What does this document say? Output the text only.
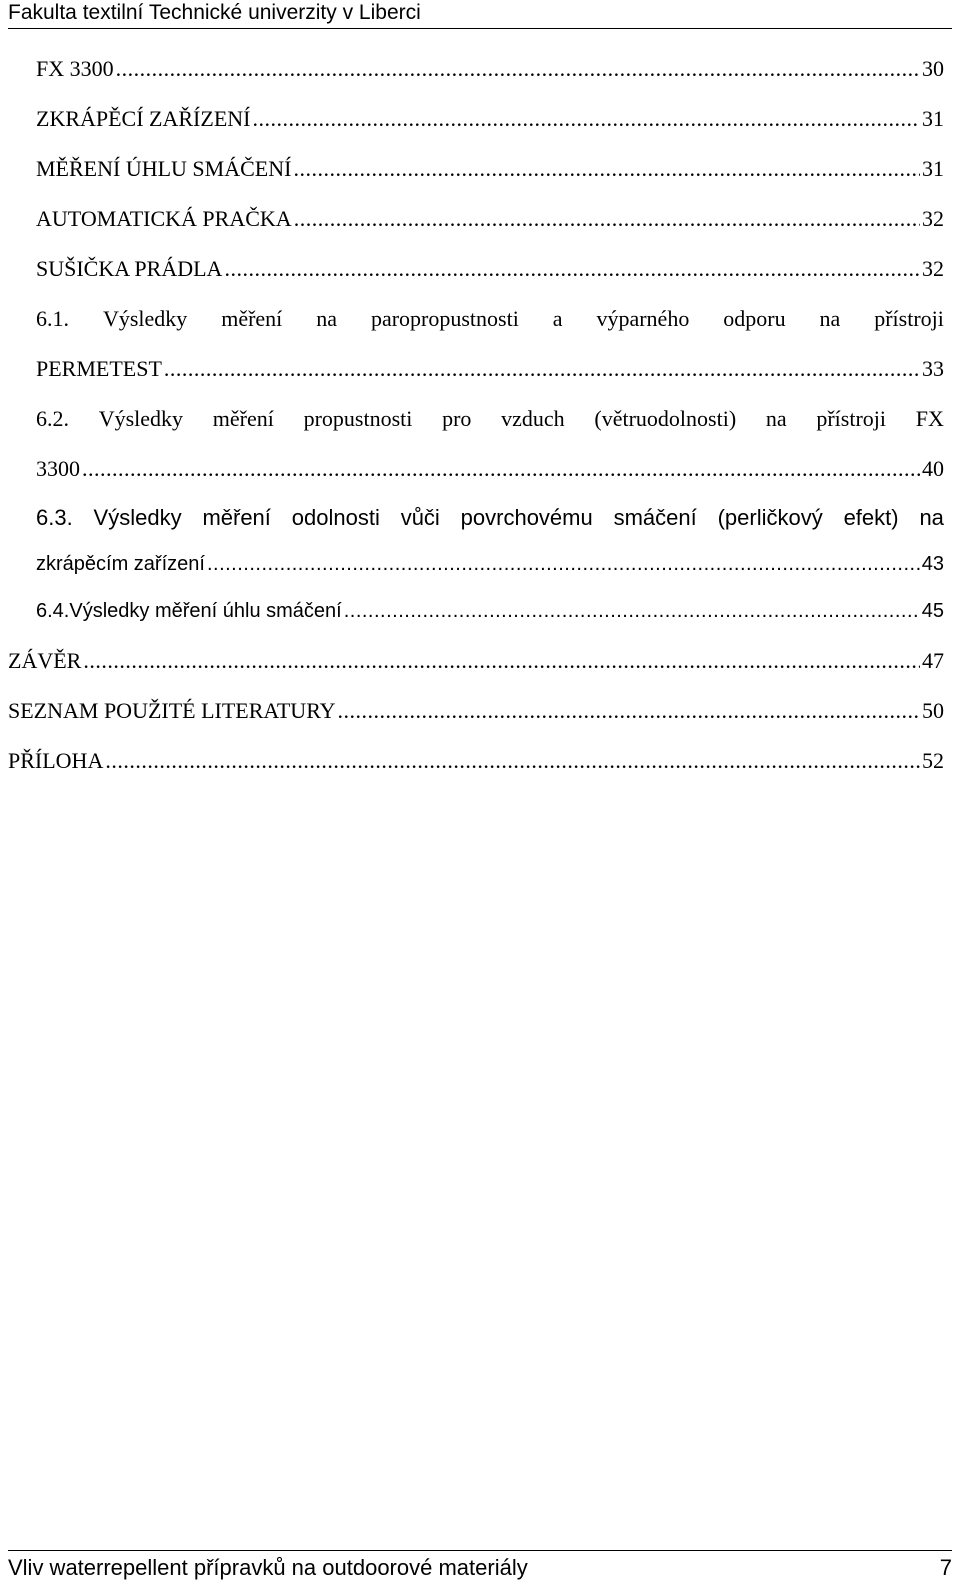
Fakulta textilní Technické univerzity v Liberci
FX 3300 .....	30
ZKRÁPĚCÍ ZAŘÍZENÍ .....	31
MĚŘENÍ ÚHLU SMÁČENÍ .....	31
AUTOMATICKÁ PRAČKA .....	32
SUŠIČKA PRÁDLA .....	32
6.1. Výsledky měření na paropropustnosti a výparného odporu na přístroji
PERMETEST .....	33
6.2. Výsledky měření propustnosti pro vzduch (větruodolnosti) na přístroji FX
3300 .....	40
6.3. Výsledky měření odolnosti vůči povrchovému smáčení (perličkový efekt) na
zkrápěcím zařízení .....	43
6.4. Výsledky měření úhlu smáčení .....	45
ZÁVĚR .....	47
SEZNAM POUŽITÉ LITERATURY .....	50
PŘÍLOHA .....	52
Vliv waterrepellent přípravků na outdoorové materiály	7
